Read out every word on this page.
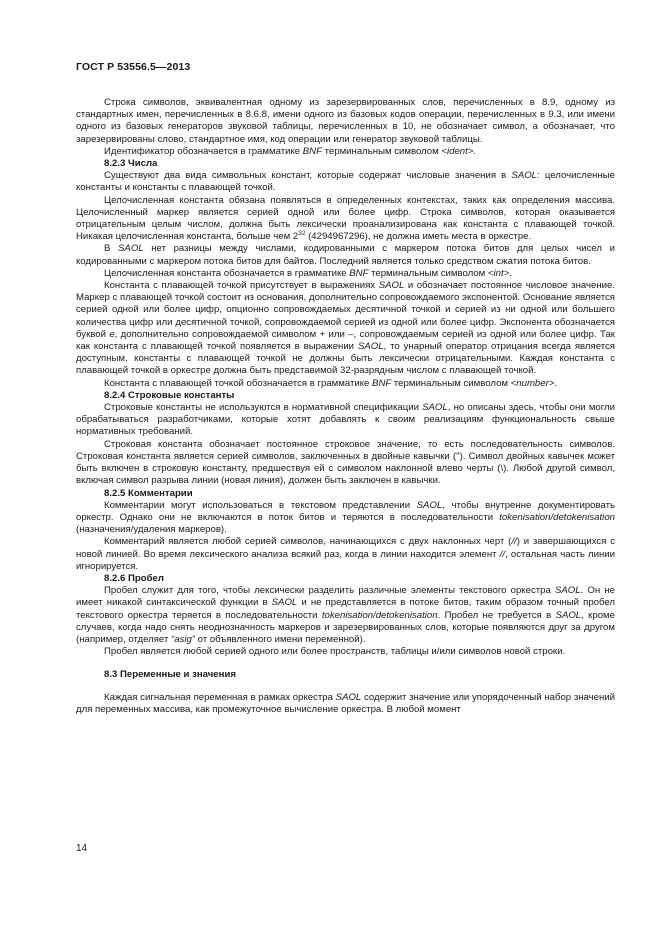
ГОСТ Р 53556.5—2013

Строка символов, эквивалентная одному из зарезервированных слов, перечисленных в 8.9, одному из стандартных имен, перечисленных в 8.6.8, имени одного из базовых кодов операции, перечисленных в 9.3, или имени одного из базовых генераторов звуковой таблицы, перечисленных в 10, не обозначает символ, а обозначает, что зарезервированы слово, стандартное имя, код операции или генератор звуковой таблицы.

Идентификатор обозначается в грамматике BNF терминальным символом <ident>.

8.2.3 Числа

Существуют два вида символьных констант, которые содержат числовые значения в SAOL: целочисленные константы и константы с плавающей точкой.

Целочисленная константа обязана появляться в определенных контекстах, таких как определения массива. Целочисленный маркер является серией одной или более цифр. Строка символов, которая оказывается отрицательным целым числом, должна быть лексически проанализирована как константа с плавающей точкой. Никакая целочисленная константа, больше чем $2^{32}$ (4294967296), не должна иметь места в оркестре.

В SAOL нет разницы между числами, кодированными с маркером потока битов для целых чисел и кодированными с маркером потока битов для байтов. Последний является только средством сжатия потока битов.

Целочисленная константа обозначается в грамматике BNF терминальным символом <int>.

Константа с плавающей точкой присутствует в выражениях SAOL и обозначает постоянное числовое значение. Маркер с плавающей точкой состоит из основания, дополнительно сопровождаемого экспонентой. Основание является серией одной или более цифр, опционно сопровождаемых десятичной точкой и серией из ни одной или большего количества цифр или десятичной точкой, сопровождаемой серией из одной или более цифр. Экспонента обозначается буквой e, дополнительно сопровождаемой символом + или –, сопровождаемым серией из одной или более цифр. Так как константа с плавающей точкой появляется в выражении SAOL, то унарный оператор отрицания всегда является доступным, константы с плавающей точкой не должны быть лексически отрицательными. Каждая константа с плавающей точкой в оркестре должна быть представимой 32-разрядным числом с плавающей точкой.

Константа с плавающей точкой обозначается в грамматике BNF терминальным символом <number>.

8.2.4 Строковые константы

Строковые константы не используются в нормативной спецификации SAOL, но описаны здесь, чтобы они могли обрабатываться разработчиками, которые хотят добавлять к своим реализациям функциональность свыше нормативных требований.

Строковая константа обозначает постоянное строковое значение, то есть последовательность символов. Строковая константа является серией символов, заключенных в двойные кавычки ("). Символ двойных кавычек может быть включен в строковую константу, предшествуя ей с символом наклонной влево черты (\). Любой другой символ, включая символ разрыва линии (новая линия), должен быть заключен в кавычки.

8.2.5 Комментарии

Комментарии могут использоваться в текстовом представлении SAOL, чтобы внутренне документировать оркестр. Однако они не включаются в поток битов и теряются в последовательности tokenisation/detokenisation (назначения/удаления маркеров).

Комментарий является любой серией символов, начинающихся с двух наклонных черт (//) и завершающихся с новой линией. Во время лексического анализа всякий раз, когда в линии находится элемент //, остальная часть линии игнорируется.

8.2.6 Пробел

Пробел служит для того, чтобы лексически разделить различные элементы текстового оркестра SAOL. Он не имеет никакой синтаксической функции в SAOL и не представляется в потоке битов, таким образом точный пробел текстового оркестра теряется в последовательности tokenisation/detokenisation. Пробел не требуется в SAOL, кроме случаев, когда надо снять неоднозначность маркеров и зарезервированных слов, которые появляются друг за другом (например, отделяет “asig” от объявленного имени переменной).

Пробел является любой серией одного или более пространств, таблицы и/или символов новой строки.

8.3 Переменные и значения

Каждая сигнальная переменная в рамках оркестра SAOL содержит значение или упорядоченный набор значений для переменных массива, как промежуточное вычисление оркестра. В любой момент

14
